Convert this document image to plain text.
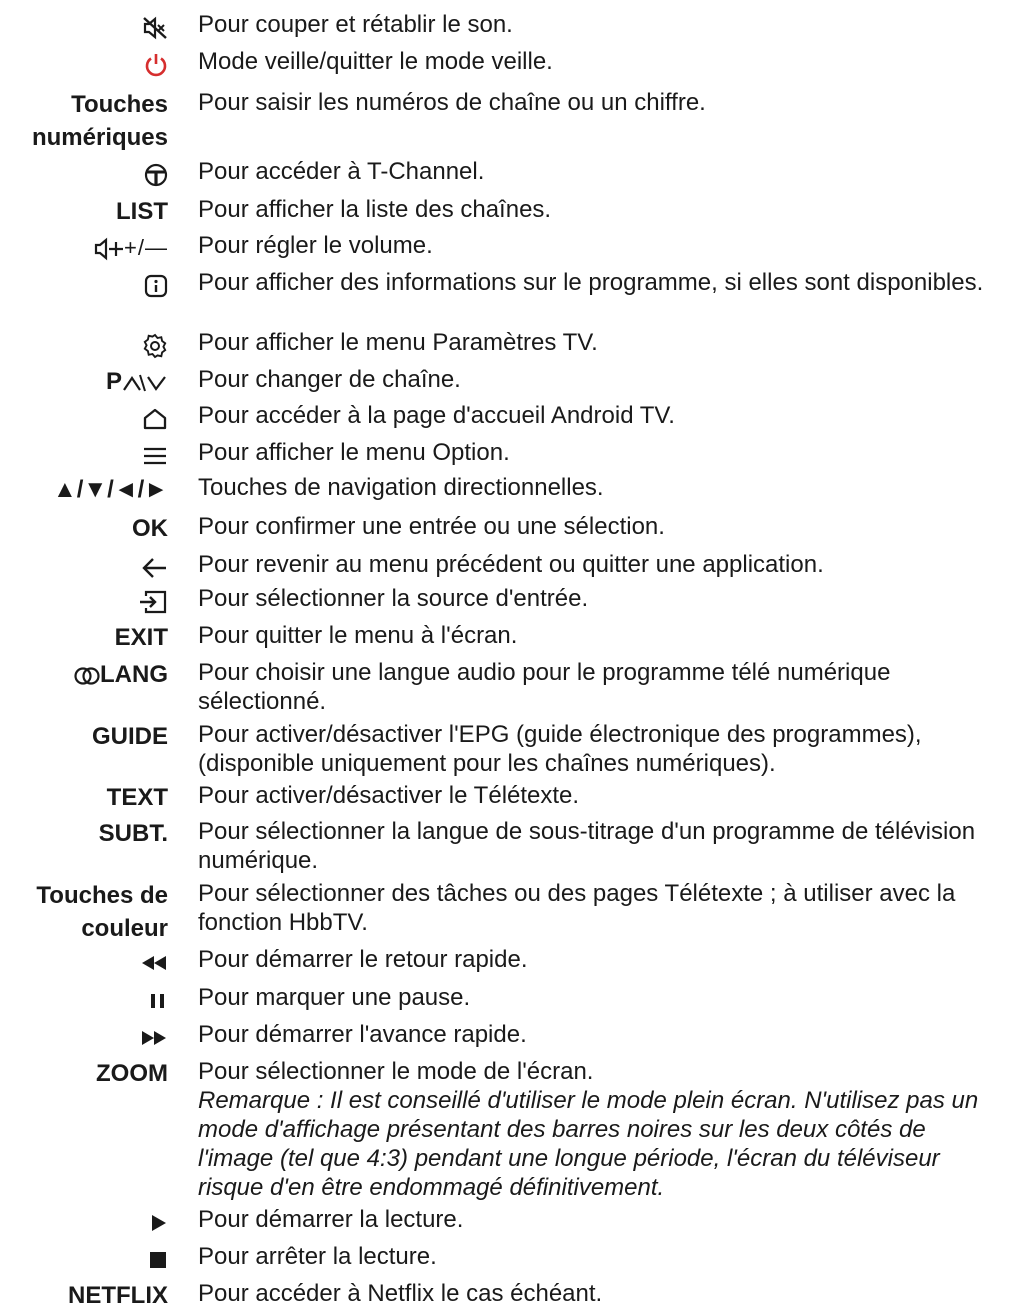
Pour couper et rétablir le son.
Mode veille/quitter le mode veille.
Touches
numériques
Pour saisir les numéros de chaîne ou un chiffre.
Pour accéder à T-Channel.
LIST Pour afficher la liste des chaînes.
+/— Pour régler le volume.
Pour afficher des informations sur le programme, si elles sont disponibles.
Pour afficher le menu Paramètres TV.
P	Pour changer de chaîne.
Pour accéder à la page d'accueil Android TV.
Pour afficher le menu Option.
▲/▼/◄/► Touches de navigation directionnelles.
OK Pour confirmer une entrée ou une sélection.
Pour revenir au menu précédent ou quitter une application.
Pour sélectionner la source d'entrée.
EXIT Pour quitter le menu à l'écran.
LANG Pour choisir une langue audio pour le programme télé numérique sélectionné.
GUIDE Pour activer/désactiver l'EPG (guide électronique des programmes), (disponible uniquement pour les chaînes numériques).
TEXT Pour activer/désactiver le Télétexte.
SUBT. Pour sélectionner la langue de sous-titrage d'un programme de télévision numérique.
Touches de
couleur
Pour sélectionner des tâches ou des pages Télétexte ; à utiliser avec la fonction HbbTV.
Pour démarrer le retour rapide.
Pour marquer une pause.
Pour démarrer l'avance rapide.
ZOOM Pour sélectionner le mode de l'écran.
Remarque : Il est conseillé d'utiliser le mode plein écran. N'utilisez pas un mode d'affichage présentant des barres noires sur les deux côtés de l'image (tel que 4:3) pendant une longue période, l'écran du téléviseur risque d'en être endommagé définitivement.
Pour démarrer la lecture.
Pour arrêter la lecture.
NETFLIX Pour accéder à Netflix le cas échéant.
